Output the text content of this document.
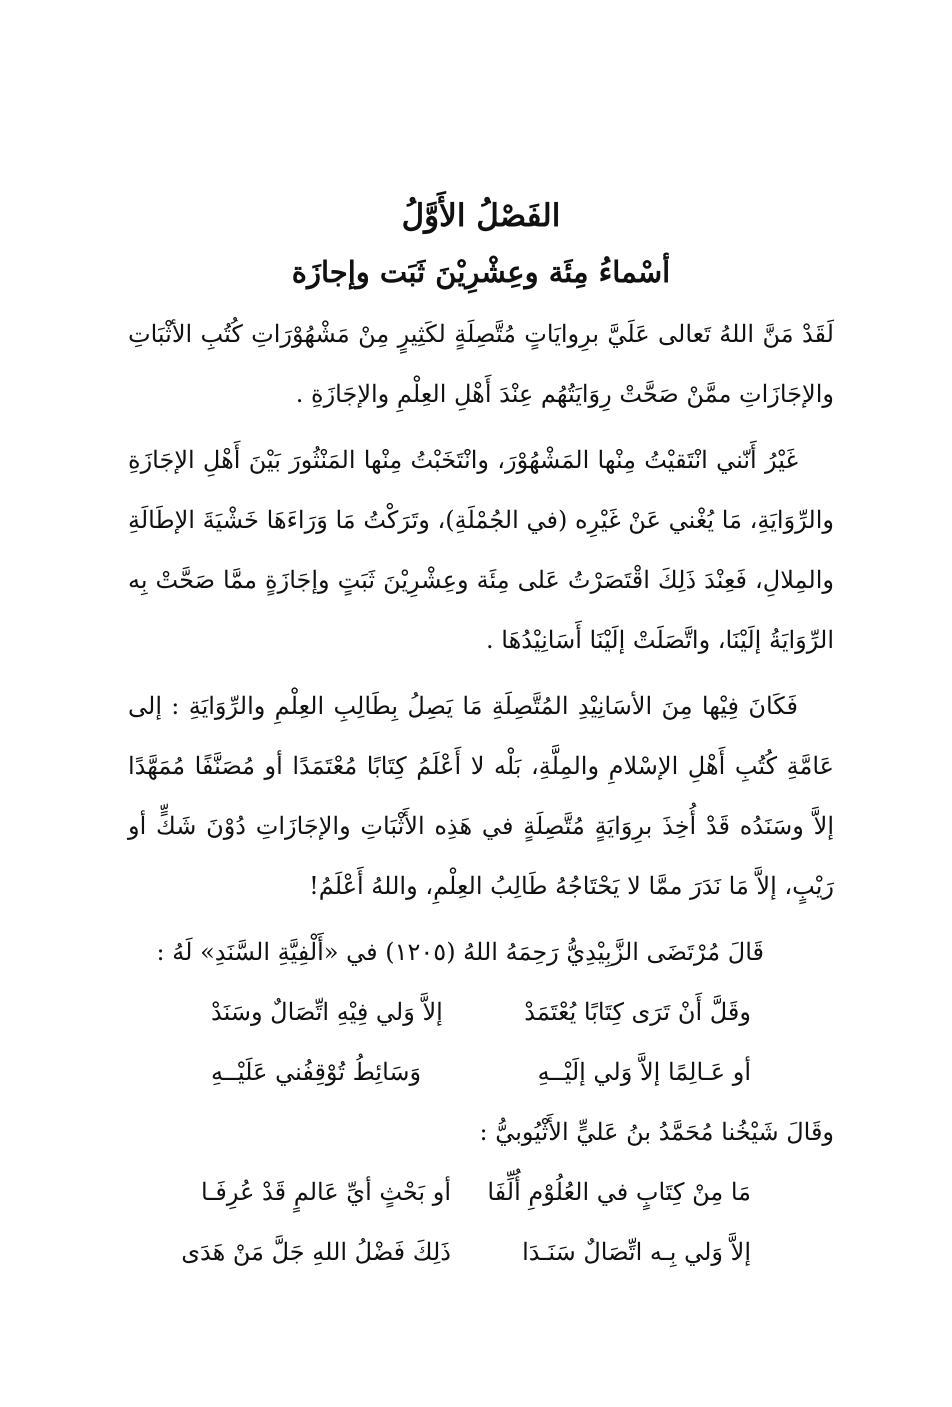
الفَصْلُ الأَوَّلُ
أسْماءُ مِئَة وعِشْرِيْنَ ثَبَت وإجازَة

لَقَدْ مَنَّ اللهُ تَعالى عَلَيَّ برِوايَاتٍ مُتَّصِلَةٍ لكَثِيرٍ مِنْ مَشْهُوْرَاتِ كُتُبِ الأثْبَاتِ والإجَازَاتِ ممَّنْ صَحَّتْ رِوَايَتُهُم عِنْدَ أَهْلِ العِلْمِ والإجَازَةِ .

غَيْرُ أَنّني انْتَقيْتُ مِنْها المَشْهُوْرَ، وانْتَخَبْتُ مِنْها المَنْثُورَ بَيْنَ أَهْلِ الإجَازَةِ والرِّوَايَةِ، مَا يُغْني عَنْ غَيْرِه (في الجُمْلَةِ)، وتَرَكْتُ مَا وَرَاءَهَا خَشْيَةَ الإطَالَةِ والمِلالِ، فَعِنْدَ ذَلِكَ اقْتَصَرْتُ عَلى مِئَة وعِشْرِيْنَ ثَبَتٍ وإجَازَةٍ ممَّا صَحَّتْ بِه الرِّوَايَةُ إلَيْنَا، واتَّصَلَتْ إلَيْنَا أَسَانِيْدُهَا .

فَكَانَ فِيْها مِنَ الأسَانِيْدِ المُتَّصِلَةِ مَا يَصِلُ بِطَالِبِ العِلْمِ والرِّوَايَةِ : إلى عَامَّةِ كُتُبِ أَهْلِ الإسْلامِ والمِلَّةِ، بَلْه لا أَعْلَمُ كِتَابًا مُعْتَمَدًا أو مُصَنَّفًا مُمَهَّدًا إلاَّ وسَنَدُه قَدْ أُخِذَ برِوَايَةٍ مُتَّصِلَةٍ في هَذِه الأَثْبَاتِ والإجَازَاتِ دُوْنَ شَكٍّ أو رَيْبٍ، إلاَّ مَا نَدَرَ ممَّا لا يَحْتَاجُهُ طَالِبُ العِلْمِ، واللهُ أَعْلَمُ!

قَالَ مُرْتَضَى الزَّبِيْدِيُّ رَحِمَهُ اللهُ (١٢٠٥) في «أَلْفِيَّةِ السَّنَدِ» لَهُ :
وقَلَّ أَنْ تَرَى كِتَابًا يُعْتَمَدْ
إلاَّ وَلي فِيْهِ اتِّصَالٌ وسَنَدْ
أو عَـالِمًا إلاَّ وَلي إلَيْــهِ
وَسَائِطُ تُوْقِفُني عَلَيْــهِ
وقَالَ شَيْخُنا مُحَمَّدُ بنُ عَليٍّ الأَثْيُوبيُّ :
مَا مِنْ كِتَابٍ في العُلُوْمِ أُلِّفَا
أو بَحْثٍ أيِّ عَالمٍ قَدْ عُرِفَـا
إلاَّ وَلي بِـه اتِّصَالٌ سَنَـدَا
ذَلِكَ فَضْلُ اللهِ جَلَّ مَنْ هَدَى
